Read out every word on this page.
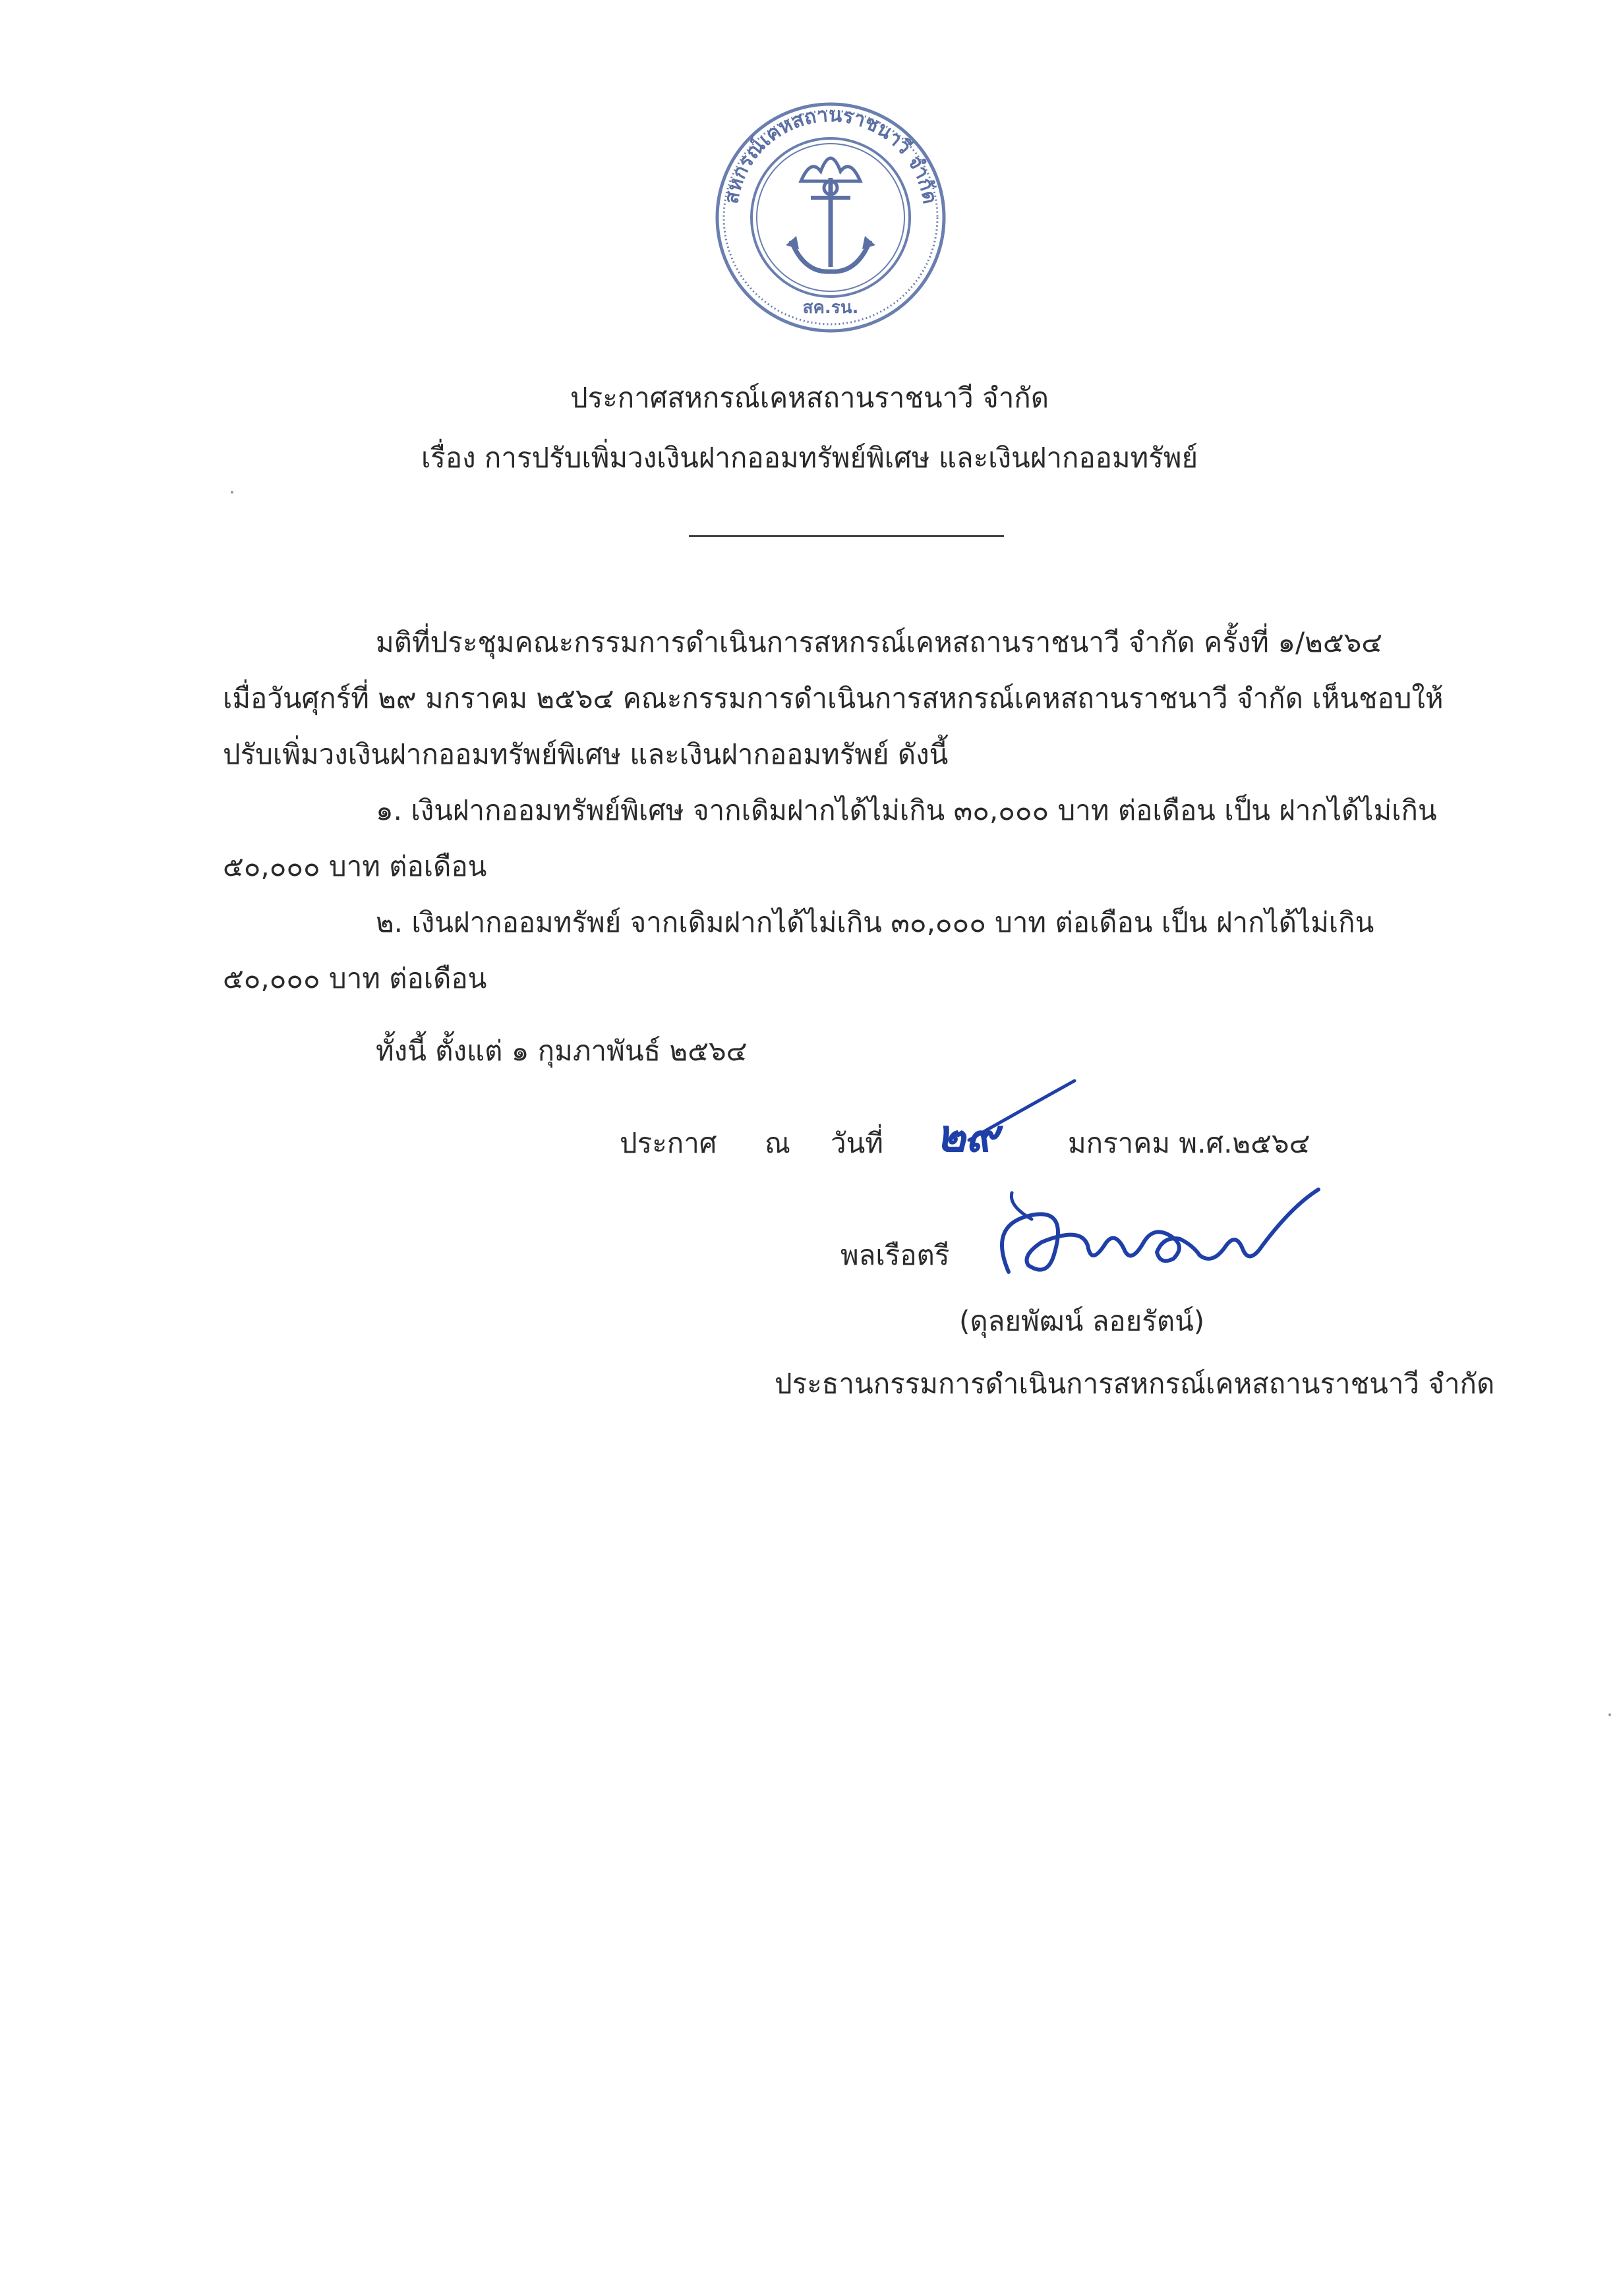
สหกรณ์เคหสถานราชนาวี จำกัด
สค.รน.
ประกาศสหกรณ์เคหสถานราชนาวี จำกัด
เรื่อง การปรับเพิ่มวงเงินฝากออมทรัพย์พิเศษ และเงินฝากออมทรัพย์
มติที่ประชุมคณะกรรมการดำเนินการสหกรณ์เคหสถานราชนาวี จำกัด ครั้งที่ ๑/๒๕๖๔
เมื่อวันศุกร์ที่ ๒๙ มกราคม ๒๕๖๔ คณะกรรมการดำเนินการสหกรณ์เคหสถานราชนาวี จำกัด เห็นชอบให้
ปรับเพิ่มวงเงินฝากออมทรัพย์พิเศษ และเงินฝากออมทรัพย์ ดังนี้
๑. เงินฝากออมทรัพย์พิเศษ จากเดิมฝากได้ไม่เกิน ๓๐,๐๐๐ บาท ต่อเดือน เป็น ฝากได้ไม่เกิน
๕๐,๐๐๐ บาท ต่อเดือน
๒. เงินฝากออมทรัพย์ จากเดิมฝากได้ไม่เกิน ๓๐,๐๐๐ บาท ต่อเดือน เป็น ฝากได้ไม่เกิน
๕๐,๐๐๐ บาท ต่อเดือน
ทั้งนี้ ตั้งแต่ ๑ กุมภาพันธ์ ๒๕๖๔
ประกาศ ณ วันที่ ๒๙	มกราคม พ.ศ.๒๕๖๔
พลเรือตรี
(ดุลยพัฒน์ ลอยรัตน์)
ประธานกรรมการดำเนินการสหกรณ์เคหสถานราชนาวี จำกัด
